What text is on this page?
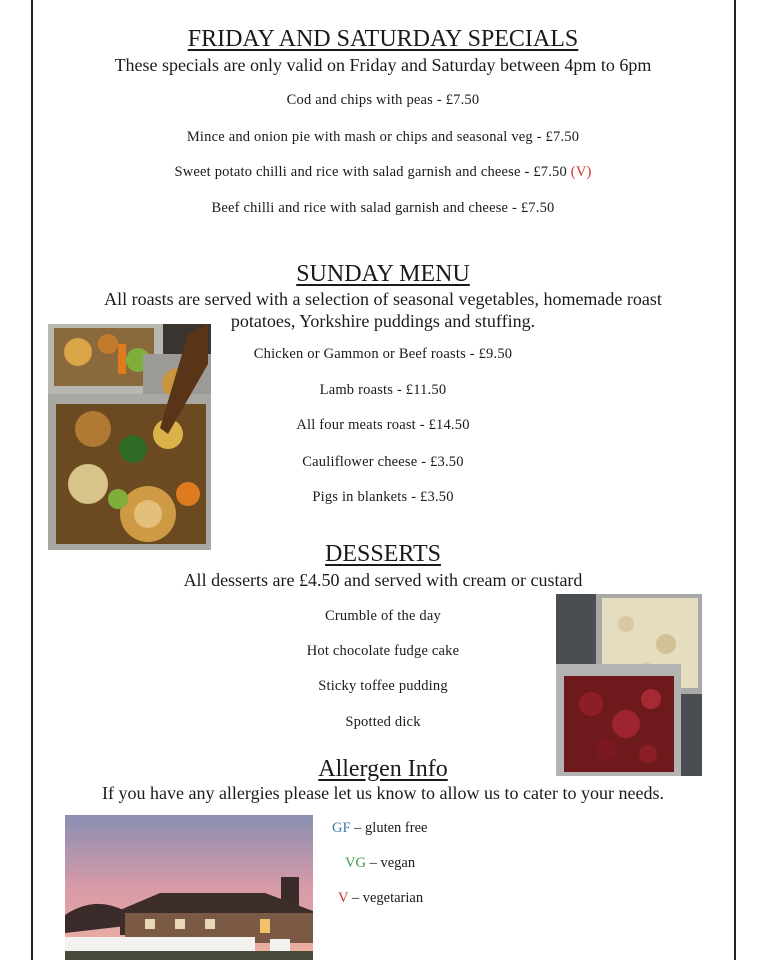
FRIDAY AND SATURDAY SPECIALS
These specials are only valid on Friday and Saturday between 4pm to 6pm
Cod and chips with peas - £7.50
Mince and onion pie with mash or chips and seasonal veg - £7.50
Sweet potato chilli and rice with salad garnish and cheese - £7.50 (V)
Beef chilli and rice with salad garnish and cheese - £7.50
SUNDAY MENU
All roasts are served with a selection of seasonal vegetables, homemade roast
potatoes, Yorkshire puddings and stuffing.
Chicken or Gammon or Beef roasts - £9.50
Lamb roasts - £11.50
All four meats roast - £14.50
Cauliflower cheese - £3.50
Pigs in blankets - £3.50
DESSERTS
All desserts are £4.50 and served with cream or custard
Crumble of the day
Hot chocolate fudge cake
Sticky toffee pudding
Spotted dick
Allergen Info
If you have any allergies please let us know to allow us to cater to your needs.
GF – gluten free
VG – vegan
V – vegetarian
